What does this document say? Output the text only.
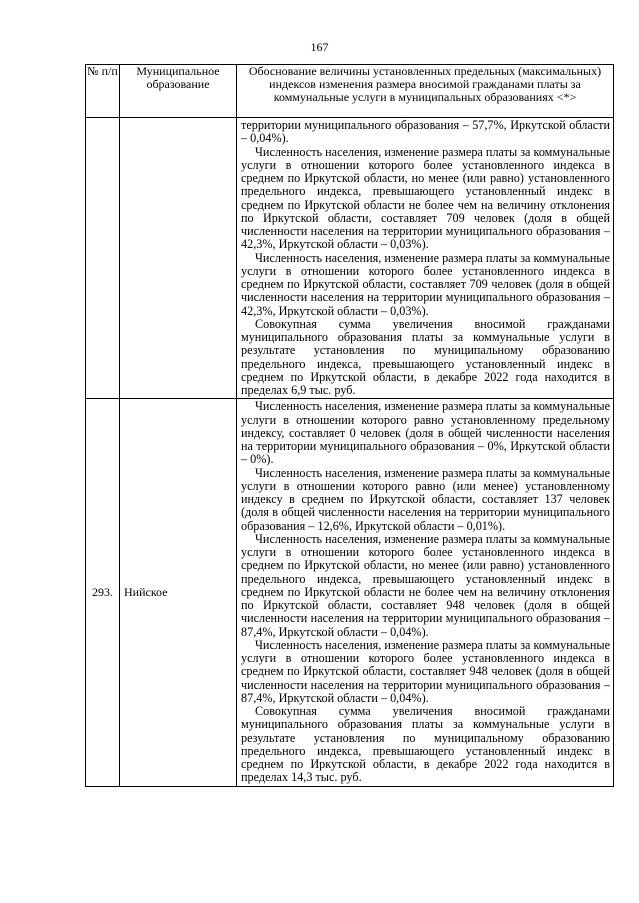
167
№ п/п	Муниципальное образование	Обоснование величины установленных предельных (максимальных) индексов изменения размера вносимой гражданами платы за коммунальные услуги в муниципальных образованиях <*>

		территории муниципального образования – 57,7%, Иркутской области – 0,04%).

Численность населения, изменение размера платы за коммунальные услуги в отношении которого более установленного индекса в среднем по Иркутской области, но менее (или равно) установленного предельного индекса, превышающего установленный индекс в среднем по Иркутской области не более чем на величину отклонения по Иркутской области, составляет 709 человек (доля в общей численности населения на территории муниципального образования – 42,3%, Иркутской области – 0,03%).

Численность населения, изменение размера платы за коммунальные услуги в отношении которого более установленного индекса в среднем по Иркутской области, составляет 709 человек (доля в общей численности населения на территории муниципального образования – 42,3%, Иркутской области – 0,03%).

Совокупная сумма увеличения вносимой гражданами муниципального образования платы за коммунальные услуги в результате установления по муниципальному образованию предельного индекса, превышающего установленный индекс в среднем по Иркутской области, в декабре 2022 года находится в пределах 6,9 тыс. руб.

293.	Нийское	Численность населения, изменение размера платы за коммунальные услуги в отношении которого равно установленному предельному индексу, составляет 0 человек (доля в общей численности населения на территории муниципального образования – 0%, Иркутской области – 0%).

Численность населения, изменение размера платы за коммунальные услуги в отношении которого равно (или менее) установленному индексу в среднем по Иркутской области, составляет 137 человек (доля в общей численности населения на территории муниципального образования – 12,6%, Иркутской области – 0,01%).

Численность населения, изменение размера платы за коммунальные услуги в отношении которого более установленного индекса в среднем по Иркутской области, но менее (или равно) установленного предельного индекса, превышающего установленный индекс в среднем по Иркутской области не более чем на величину отклонения по Иркутской области, составляет 948 человек (доля в общей численности населения на территории муниципального образования – 87,4%, Иркутской области – 0,04%).

Численность населения, изменение размера платы за коммунальные услуги в отношении которого более установленного индекса в среднем по Иркутской области, составляет 948 человек (доля в общей численности населения на территории муниципального образования – 87,4%, Иркутской области – 0,04%).

Совокупная сумма увеличения вносимой гражданами муниципального образования платы за коммунальные услуги в результате установления по муниципальному образованию предельного индекса, превышающего установленный индекс в среднем по Иркутской области, в декабре 2022 года находится в пределах 14,3 тыс. руб.
